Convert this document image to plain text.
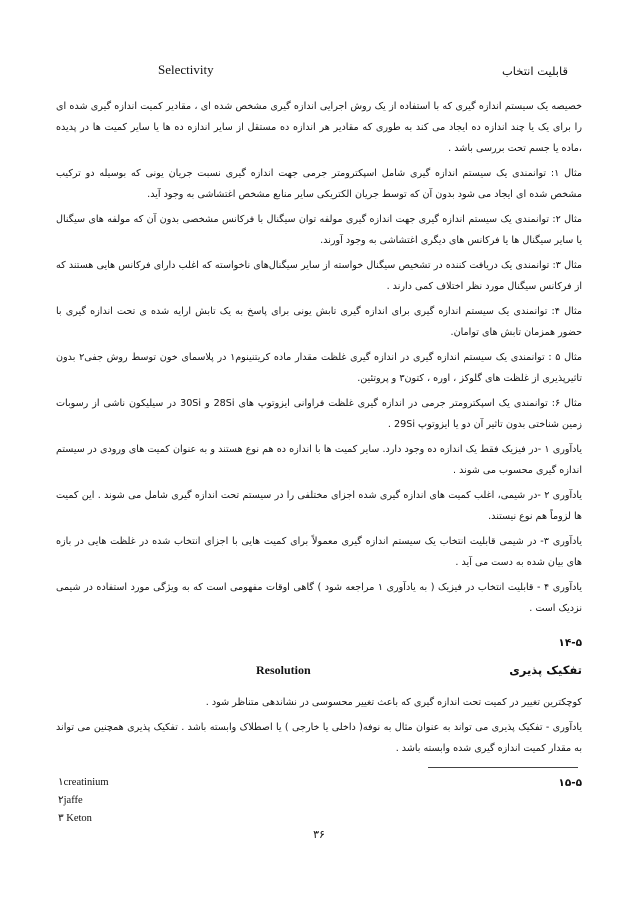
قابلیت انتخاب
Selectivity

خصیصه یک سیستم اندازه گیری که با استفاده از یک روش اجرایی اندازه گیری مشخص شده ای ، مقادیر کمیت اندازه گیری شده ای را برای یک یا چند اندازه ده ایجاد می کند به طوری که مقادیر هر اندازه ده مستقل از سایر اندازه ده ها یا سایر کمیت ها در پدیده ،ماده یا جسم تحت بررسی باشد .

مثال ۱: توانمندی یک سیستم اندازه گیری شامل اسپکترومتر جرمی جهت اندازه گیری نسبت جریان یونی که بوسیله دو ترکیب مشخص شده ای ایجاد می شود بدون آن که توسط جریان الکتریکی سایر منابع مشخص اغتشاشی به وجود آید.

مثال ۲: توانمندی یک سیستم اندازه گیری جهت اندازه گیری مولفه توان سیگنال با فرکانس مشخصی بدون آن که مولفه های سیگنال یا سایر سیگنال ها یا فرکانس های دیگری اغتشاشی به وجود آورند.

مثال ۳: توانمندی یک دریافت کننده در تشخیص سیگنال خواسته از سایر سیگنال‌های ناخواسته که اغلب دارای فرکانس هایی هستند که از فرکانس سیگنال مورد نظر اختلاف کمی دارند .

مثال ۴: توانمندی یک سیستم اندازه گیری برای اندازه گیری تابش یونی برای پاسخ به یک تابش ارایه شده ی تحت اندازه گیری با حضور همزمان تابش های توامان.

مثال ۵ : توانمندی یک سیستم اندازه گیری در اندازه گیری غلظت مقدار ماده کریتنینوم۱ در پلاسمای خون توسط روش جفی۲ بدون تاثیرپذیری از غلظت های گلوکز ، اوره ، کتون۳ و پروتئین.

مثال ۶: توانمندی یک اسپکترومتر جرمی در اندازه گیری غلظت فراوانی ایزوتوپ های 28Si و 30Si در سیلیکون ناشی از رسوبات زمین شناختی بدون تاثیر آن دو یا ایزوتوپ 29Si .

یادآوری ۱ -در فیزیک فقط یک اندازه ده وجود دارد. سایر کمیت ها با اندازه ده هم نوع هستند و به عنوان کمیت های ورودی در سیستم اندازه گیری محسوب می شوند .

یادآوری ۲ -در شیمی، اغلب کمیت های اندازه گیری شده اجزای مختلفی را در سیستم تحت اندازه گیری شامل می شوند . این کمیت ها لزوماً هم نوع نیستند.

یادآوری ۳- در شیمی قابلیت انتخاب یک سیستم اندازه گیری معمولاً برای کمیت هایی با اجزای انتخاب شده در غلظت هایی در بازه های بیان شده به دست می آید .

یادآوری ۴ - قابلیت انتخاب در فیزیک ( به یادآوری ۱ مراجعه شود ) گاهی اوقات مفهومی است که به ویژگی مورد استفاده در شیمی نزدیک است .

۱۴-۵
تفکیک پذیری
Resolution

کوچکترین تغییر در کمیت تحت اندازه گیری که باعث تغییر محسوسی در نشاندهی متناظر شود .

یادآوری - تفکیک پذیری می تواند به عنوان مثال به نوفه( داخلی یا خارجی ) یا اصطلاک وابسته باشد . تفکیک پذیری همچنین می تواند به مقدار کمیت اندازه گیری شده وابسته باشد .

۱۵-۵
۱creatinium
۲jaffe
۳ Keton
۳۶
